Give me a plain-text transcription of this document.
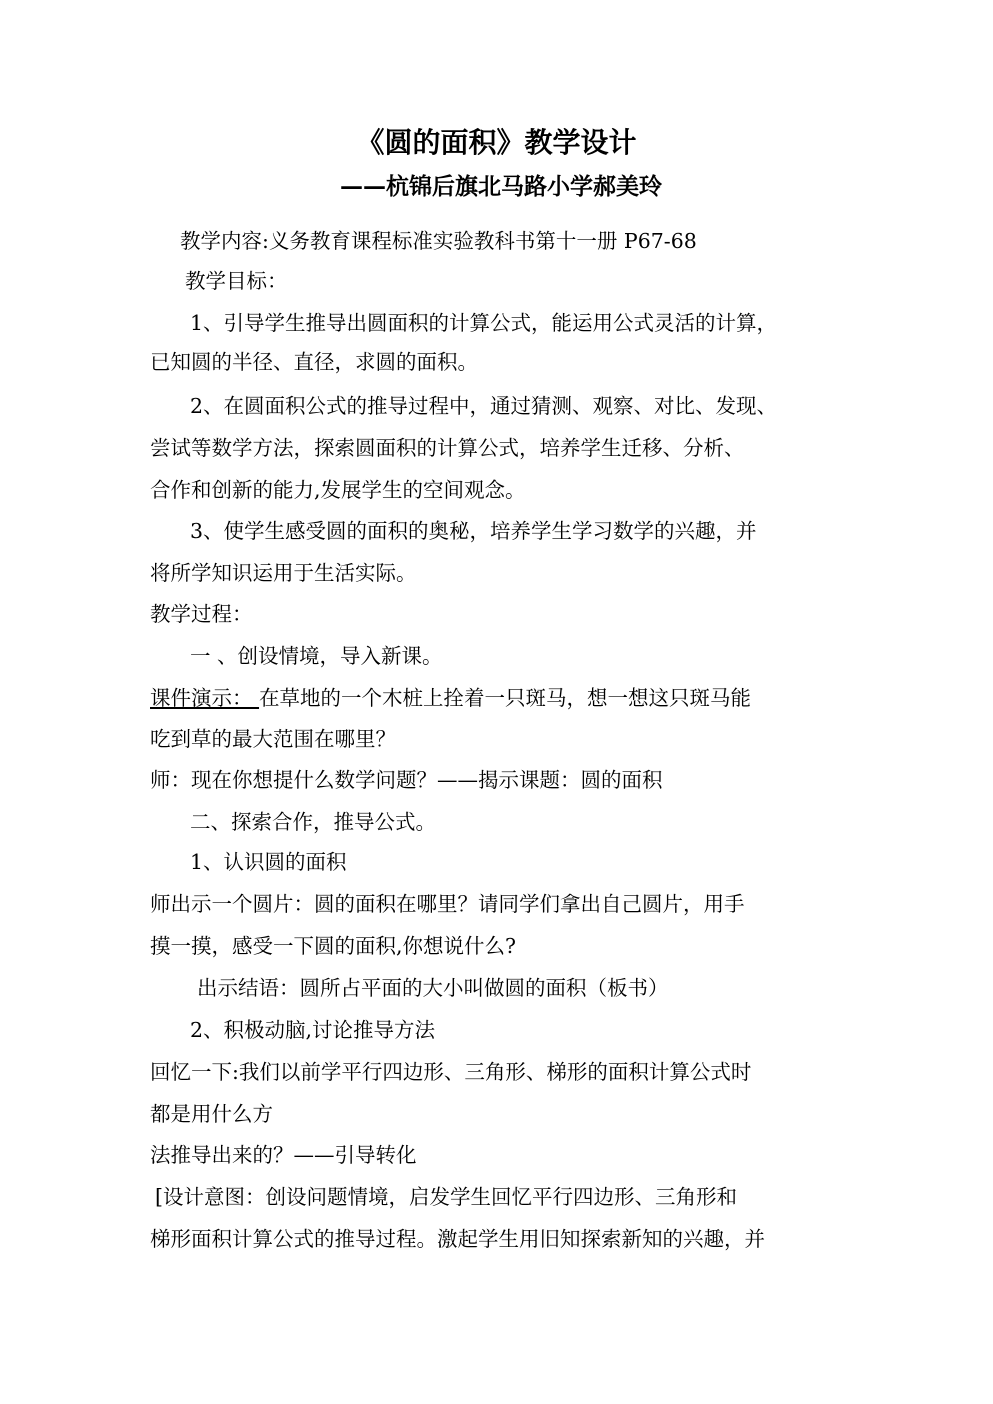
《圆的面积》教学设计
——杭锦后旗北马路小学郝美玲
教学内容:义务教育课程标准实验教科书第十一册 P67-68
教学目标：
1、引导学生推导出圆面积的计算公式，能运用公式灵活的计算，
已知圆的半径、直径，求圆的面积。
2、在圆面积公式的推导过程中，通过猜测、观察、对比、发现、
尝试等数学方法，探索圆面积的计算公式，培养学生迁移、分析、
合作和创新的能力,发展学生的空间观念。
3、使学生感受圆的面积的奥秘，培养学生学习数学的兴趣，并
将所学知识运用于生活实际。
教学过程：
一 、创设情境，导入新课。
课件演示： 在草地的一个木桩上拴着一只斑马，想一想这只斑马能
吃到草的最大范围在哪里？
师：现在你想提什么数学问题？——揭示课题：圆的面积
二、探索合作，推导公式。
1、认识圆的面积
师出示一个圆片：圆的面积在哪里？请同学们拿出自己圆片，用手
摸一摸，感受一下圆的面积,你想说什么?
出示结语：圆所占平面的大小叫做圆的面积（板书）
2、积极动脑,讨论推导方法
回忆一下:我们以前学平行四边形、三角形、梯形的面积计算公式时
都是用什么方
法推导出来的？——引导转化
[设计意图：创设问题情境，启发学生回忆平行四边形、三角形和
梯形面积计算公式的推导过程。激起学生用旧知探索新知的兴趣，并
